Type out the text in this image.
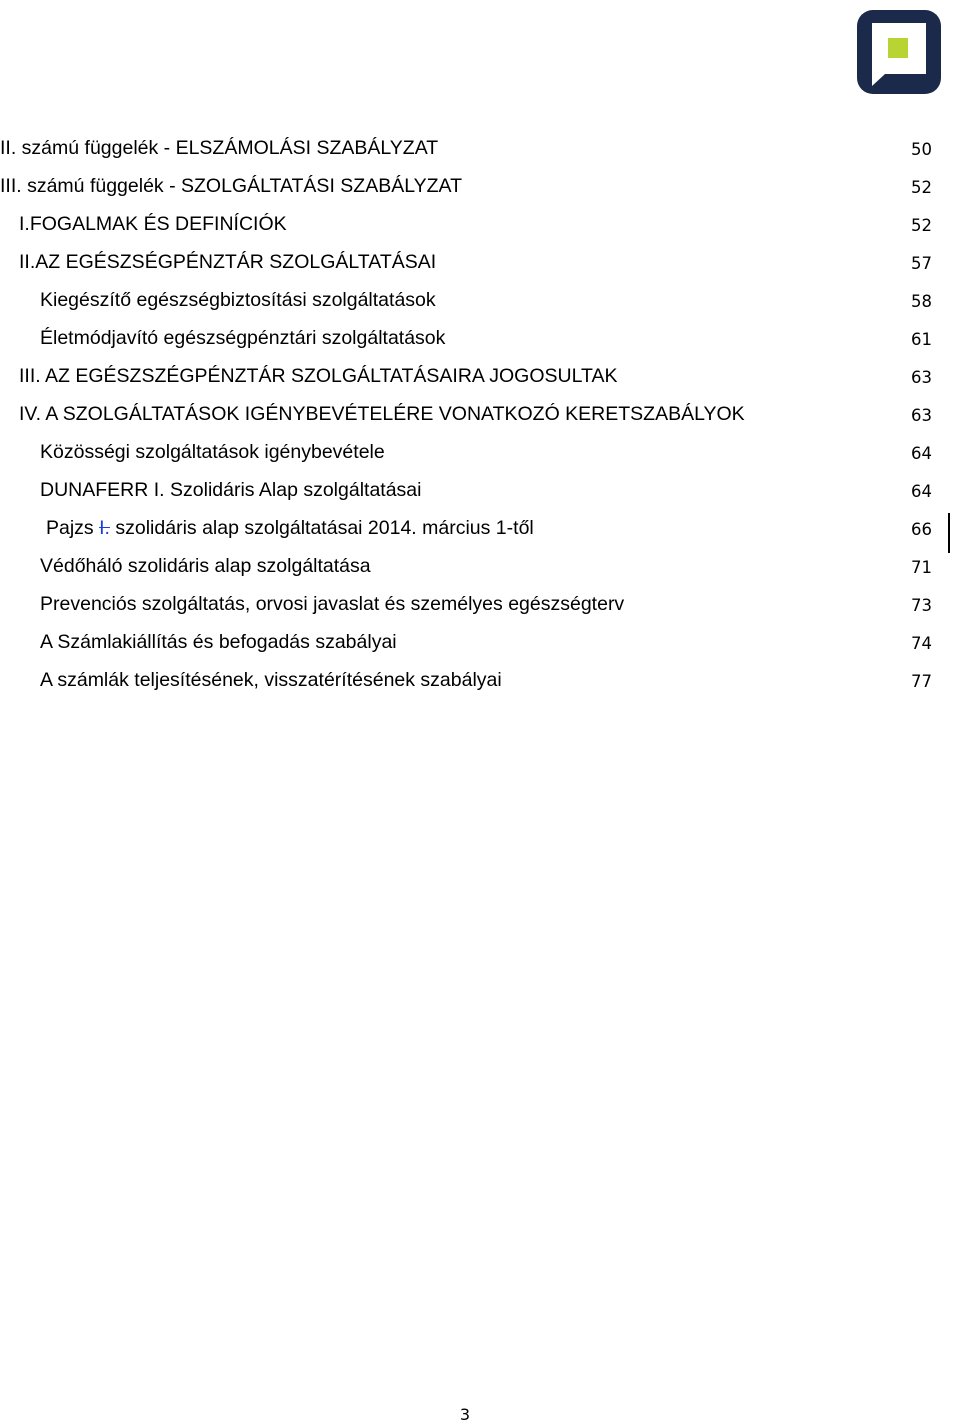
II. számú függelék - ELSZÁMOLÁSI SZABÁLYZAT	50
III. számú függelék - SZOLGÁLTATÁSI SZABÁLYZAT	52
I.FOGALMAK ÉS DEFINÍCIÓK	52
II.AZ EGÉSZSÉGPÉNZTÁR SZOLGÁLTATÁSAI	57
Kiegészítő egészségbiztosítási szolgáltatások	58
Életmódjavító egészségpénztári szolgáltatások	61
III. AZ EGÉSZSZÉGPÉNZTÁR SZOLGÁLTATÁSAIRA JOGOSULTAK	63
IV. A SZOLGÁLTATÁSOK IGÉNYBEVÉTELÉRE VONATKOZÓ KERETSZABÁLYOK	63
Közösségi szolgáltatások igénybevétele	64
DUNAFERR I. Szolidáris Alap szolgáltatásai	64
Pajzs I. szolidáris alap szolgáltatásai 2014. március 1-től	66
Védőháló szolidáris alap szolgáltatása	71
Prevenciós szolgáltatás, orvosi javaslat és személyes egészségterv	73
A Számlakiállítás és befogadás szabályai	74
A számlák teljesítésének, visszatérítésének szabályai	77
3
